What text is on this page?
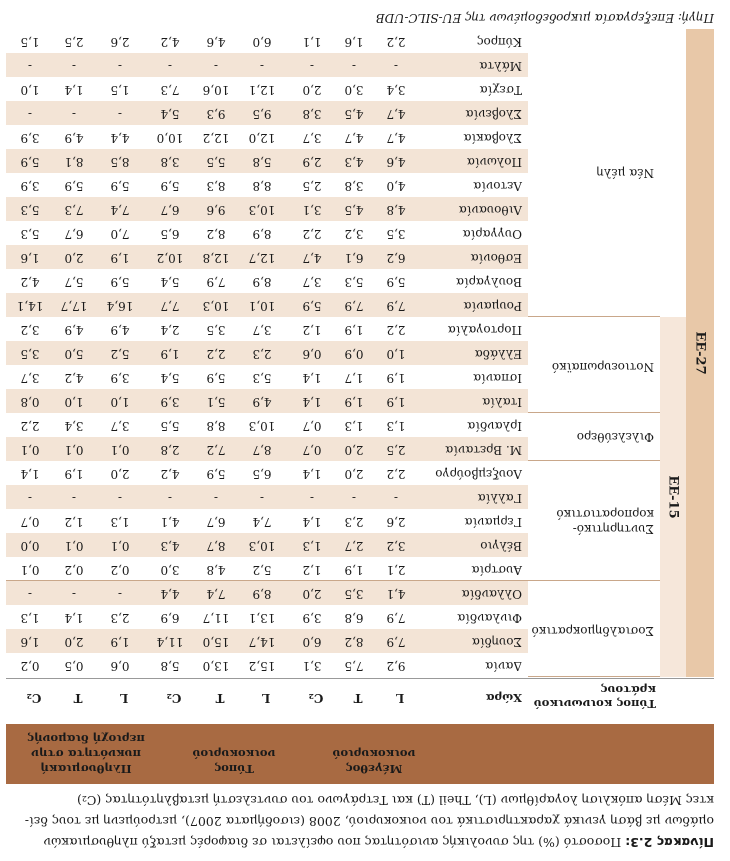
Πίνακας 2.3: Ποσοστό (%) της συνολικής ανισότητας που οφείλεται σε διαφορές μεταξύ πληθυσμιακών
ομάδων με βάση γενικά χαρακτηριστικά του νοικοκυριού, 2008 (εισοδήματα 2007), μετρούμενη με τους δεί-
κτες Μέση απόκλιση λογαρίθμων (L), Theil (T) και Τετράγωνο του συντελεστή μεταβλητότητας (C₂)
Μέγεθος νοικοκυριού
Τύπος νοικοκυριού
Πληθυσμιακή πυκνότητα στην περιοχή διαμονής
Τύπος κοινωνικού κράτους
Χώρα
L
T
C₂
L
T
C₂
L
T
C₂
ΕΕ-27
ΕΕ-15
Σοσιαλδημοκρατικό
Συντηρητικό-κορπορατιστικό
Φιλελεύθερο
Νοτιοευρωπαϊκό
Νέα μέλη
Δανία
9,2
7,5
3,1
15,2
13,0
5,8
0,6
0,5
0,2
Σουηδία
7,9
8,2
6,0
14,7
15,0
11,4
1,9
2,0
1,6
Φινλανδία
7,9
6,8
3,9
13,1
11,7
6,9
2,3
1,4
1,3
Ολλανδία
4,1
3,5
2,0
8,9
7,4
4,4
-
-
-
Αυστρία
2,1
1,9
1,2
5,2
4,8
3,0
0,2
0,2
0,1
Βέλγιο
3,2
2,7
1,3
10,3
8,7
4,3
0,1
0,1
0,0
Γερμανία
2,6
2,3
1,4
7,4
6,7
4,1
1,3
1,2
0,7
Γαλλία
-
-
-
-
-
-
-
-
-
Λουξεμβούργο
2,2
2,0
1,4
6,5
5,9
4,2
2,0
1,9
1,4
Μ. Βρετανία
2,5
2,0
0,7
8,7
7,2
2,8
0,1
0,1
0,1
Ιρλανδία
1,3
1,3
0,7
10,3
8,8
5,5
3,7
3,4
2,2
Ιταλία
1,9
1,9
1,4
4,9
5,1
3,9
1,0
1,0
0,8
Ισπανία
1,9
1,7
1,4
5,3
5,9
5,4
3,9
4,2
3,7
Ελλάδα
1,0
0,9
0,6
2,3
2,2
1,9
5,2
5,0
3,5
Πορτογαλία
2,2
1,9
1,2
3,7
3,5
2,4
4,9
4,9
3,2
Ρουμανία
7,9
7,9
5,9
10,1
10,3
7,7
16,4
17,7
14,1
Βουλγαρία
5,9
5,3
3,7
8,9
7,9
5,4
5,9
5,7
4,2
Εσθονία
6,2
6,1
4,7
12,7
12,8
10,2
1,9
2,0
1,6
Ουγγαρία
3,5
3,2
2,2
8,9
8,2
6,5
7,0
6,7
5,3
Λιθουανία
4,8
4,5
3,1
10,3
9,6
6,7
7,4
7,3
5,3
Λετονία
4,0
3,8
2,5
8,8
8,3
5,9
5,9
5,9
3,9
Πολωνία
4,6
4,3
2,9
5,8
5,5
3,8
8,5
8,1
5,9
Σλοβακία
4,7
4,7
3,7
12,0
12,2
10,0
4,4
4,9
3,9
Σλοβενία
4,7
4,5
3,8
9,5
9,3
5,4
-
-
-
Τσεχία
3,4
3,0
2,0
12,1
10,6
7,3
1,5
1,4
1,0
Μάλτα
-
-
-
-
-
-
-
-
-
Κύπρος
2,2
1,6
1,1
6,0
4,6
4,2
2,6
2,5
1,5
Πηγή: Επεξεργασία μικροδεδομένων της EU-SILC-UDB
